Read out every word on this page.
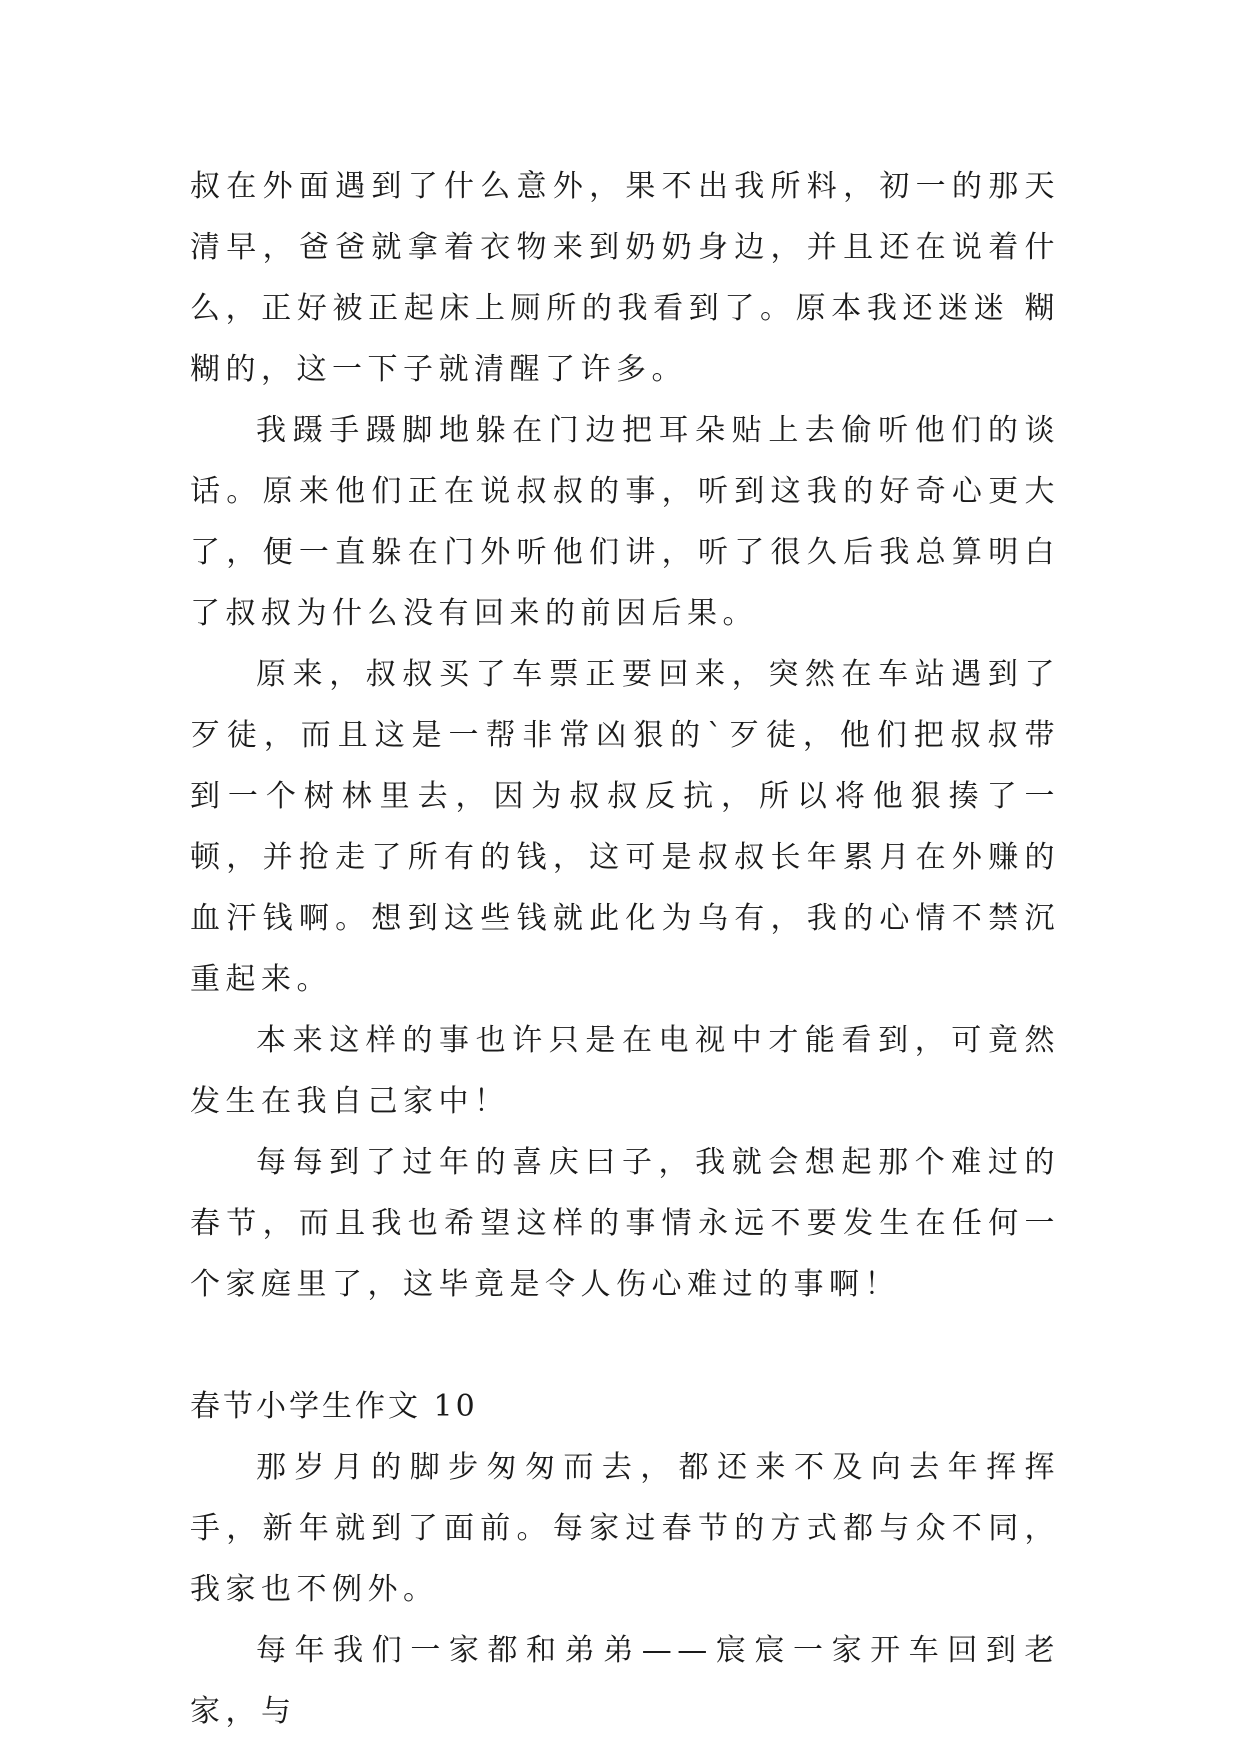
叔在外面遇到了什么意外，果不出我所料，初一的那天清早，爸爸就拿着衣物来到奶奶身边，并且还在说着什么，正好被正起床上厕所的我看到了。原本我还迷迷 糊糊的，这一下子就清醒了许多。

我蹑手蹑脚地躲在门边把耳朵贴上去偷听他们的谈话。原来他们正在说叔叔的事，听到这我的好奇心更大了，便一直躲在门外听他们讲，听了很久后我总算明白了叔叔为什么没有回来的前因后果。

原来，叔叔买了车票正要回来，突然在车站遇到了歹徒，而且这是一帮非常凶狠的`歹徒，他们把叔叔带到一个树林里去，因为叔叔反抗，所以将他狠揍了一顿，并抢走了所有的钱，这可是叔叔长年累月在外赚的血汗钱啊。想到这些钱就此化为乌有，我的心情不禁沉重起来。

本来这样的事也许只是在电视中才能看到，可竟然发生在我自己家中！

每每到了过年的喜庆曰子，我就会想起那个难过的春节，而且我也希望这样的事情永远不要发生在任何一个家庭里了，这毕竟是令人伤心难过的事啊！

春节小学生作文 10

那岁月的脚步匆匆而去，都还来不及向去年挥挥手，新年就到了面前。每家过春节的方式都与众不同，我家也不例外。

每年我们一家都和弟弟——宸宸一家开车回到老家，与
